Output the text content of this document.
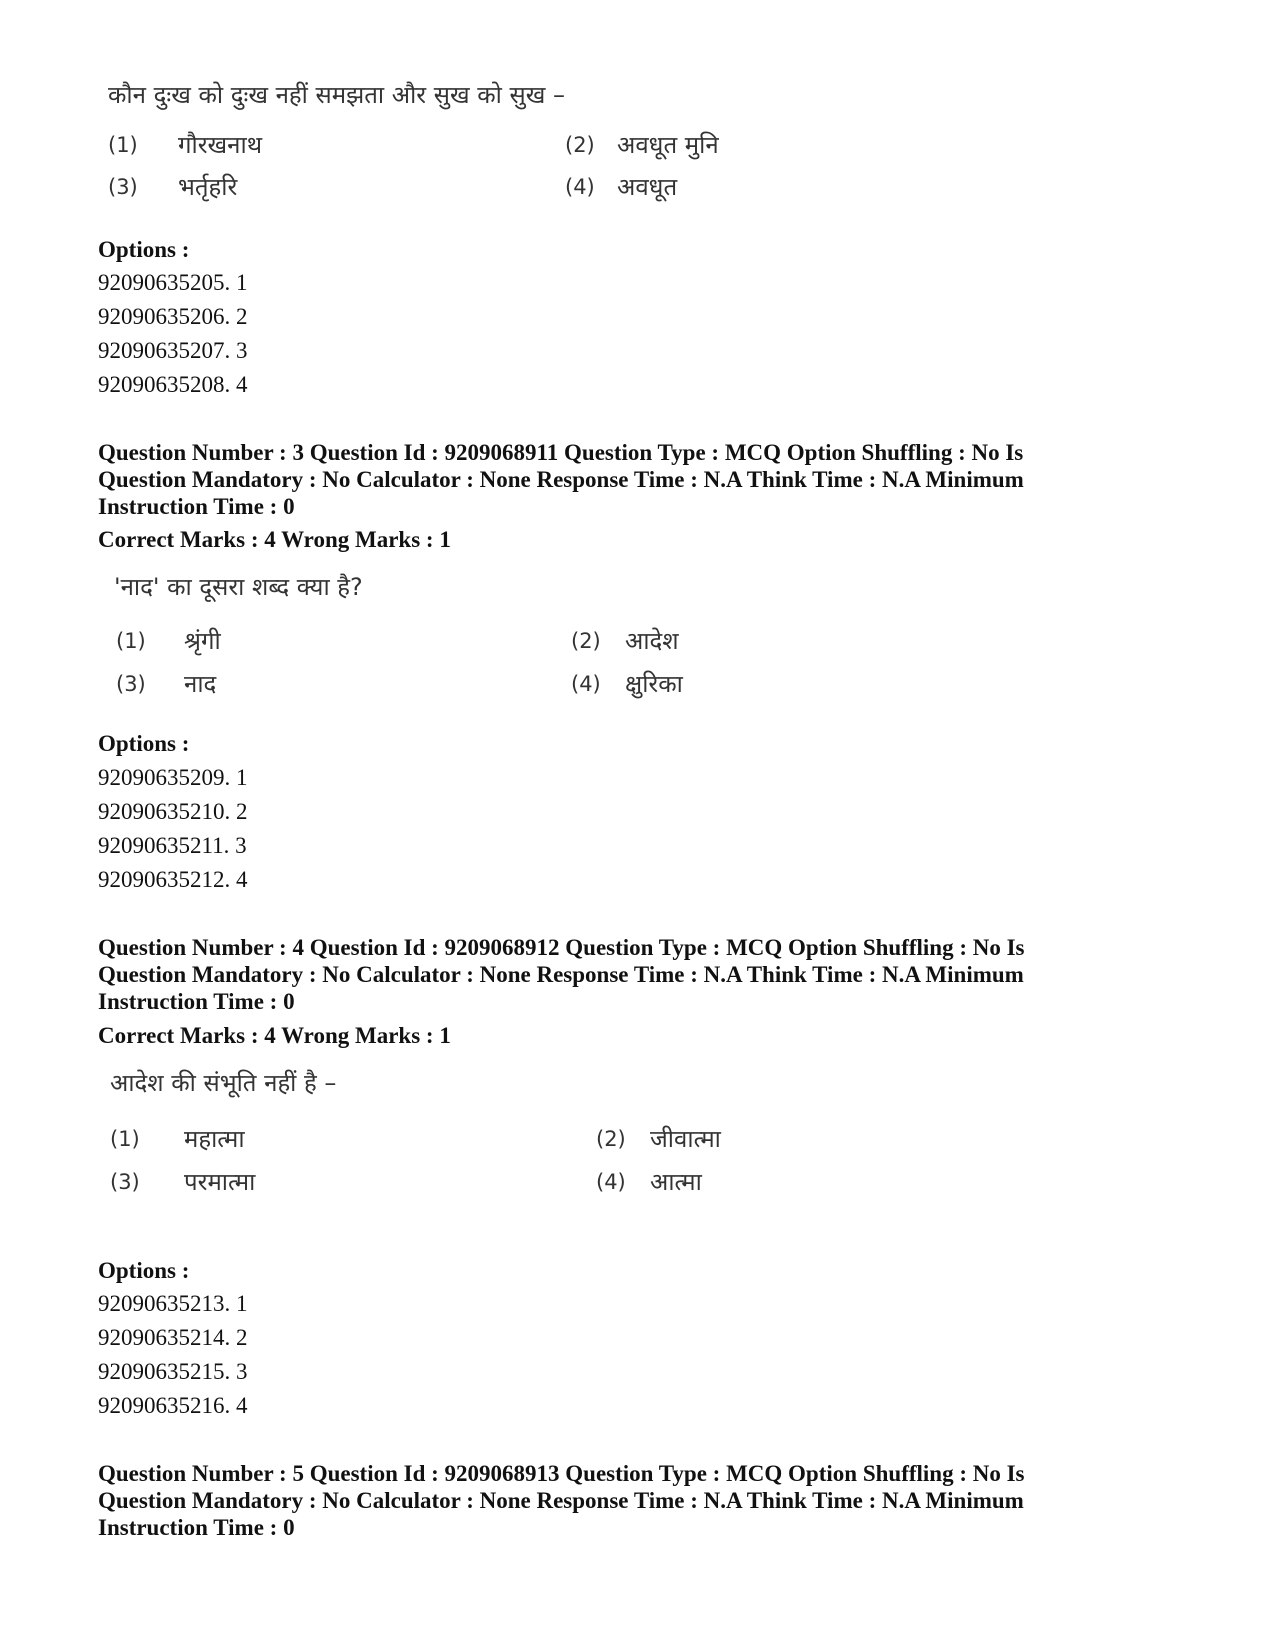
कौन दुःख को दुःख नहीं समझता और सुख को सुख –
(1) गौरखनाथ	(2) अवधूत मुनि
(3) भर्तृहरि	(4) अवधूत
Options :
92090635205. 1
92090635206. 2
92090635207. 3
92090635208. 4
Question Number : 3 Question Id : 9209068911 Question Type : MCQ Option Shuffling : No Is
Question Mandatory : No Calculator : None Response Time : N.A Think Time : N.A Minimum
Instruction Time : 0
Correct Marks : 4 Wrong Marks : 1
'नाद' का दूसरा शब्द क्या है?
(1) श्रृंगी	(2) आदेश
(3) नाद	(4) क्षुरिका
Options :
92090635209. 1
92090635210. 2
92090635211. 3
92090635212. 4
Question Number : 4 Question Id : 9209068912 Question Type : MCQ Option Shuffling : No Is
Question Mandatory : No Calculator : None Response Time : N.A Think Time : N.A Minimum
Instruction Time : 0
Correct Marks : 4 Wrong Marks : 1
आदेश की संभूति नहीं है –
(1) महात्मा	(2) जीवात्मा
(3) परमात्मा	(4) आत्मा
Options :
92090635213. 1
92090635214. 2
92090635215. 3
92090635216. 4
Question Number : 5 Question Id : 9209068913 Question Type : MCQ Option Shuffling : No Is
Question Mandatory : No Calculator : None Response Time : N.A Think Time : N.A Minimum
Instruction Time : 0
